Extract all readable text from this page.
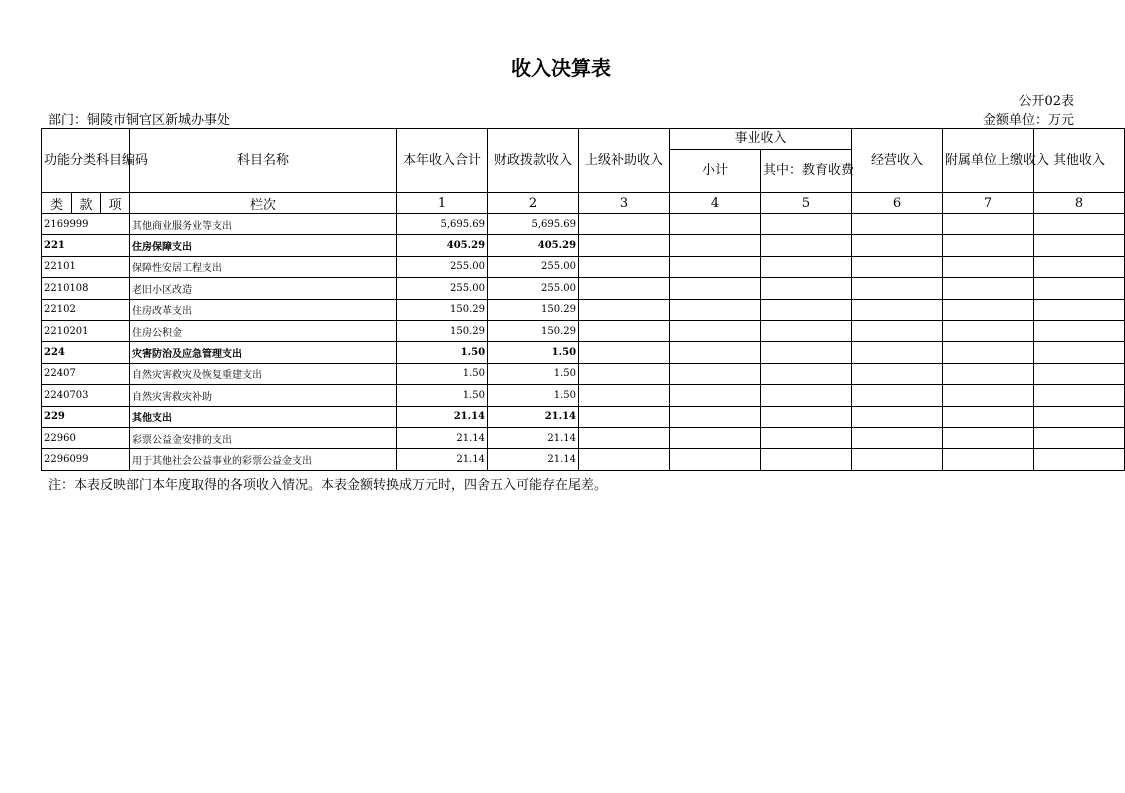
收入决算表
公开02表
部门：铜陵市铜官区新城办事处	金额单位：万元
功能分类科目编码			科目名称	本年收入合计	财政拨款收入	上级补助收入	事业收入		经营收入	附属单位上缴收入	其他收入
							小计	其中：教育收费			
类	款	项	栏次	1	2	3	4	5	6	7	8
2169999			其他商业服务业等支出	5,695.69	5,695.69						
221			住房保障支出	405.29	405.29						
22101			保障性安居工程支出	255.00	255.00						
2210108			老旧小区改造	255.00	255.00						
22102			住房改革支出	150.29	150.29						
2210201			住房公积金	150.29	150.29						
224			灾害防治及应急管理支出	1.50	1.50						
22407			自然灾害救灾及恢复重建支出	1.50	1.50						
2240703			自然灾害救灾补助	1.50	1.50						
229			其他支出	21.14	21.14						
22960			彩票公益金安排的支出	21.14	21.14						
2296099			用于其他社会公益事业的彩票公益金支出	21.14	21.14						
注：本表反映部门本年度取得的各项收入情况。本表金额转换成万元时，四舍五入可能存在尾差。
